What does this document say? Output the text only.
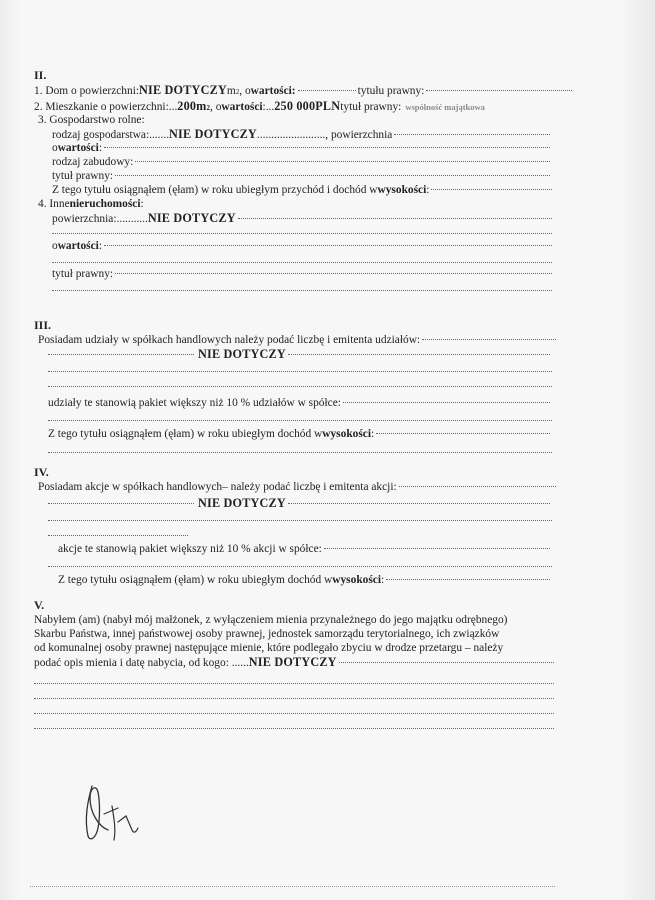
II.
1. Dom o powierzchni: NIE DOTYCZY m 2 , o wartości:	tytułu prawny:
2. Mieszkanie o powierzchni:... 200m 2 , o wartości :... 250 000PLN tytuł prawny: wspólność majątkowa
3. Gospodarstwo rolne:
rodzaj gospodarstwa:....... NIE DOTYCZY ........................, powierzchnia
o wartości :
rodzaj zabudowy:
tytuł prawny:
Z tego tytułu osiągnąłem (ęłam) w roku ubiegłym przychód i dochód w wysokości :
4. Inne nieruchomości :
powierzchnia:........... NIE DOTYCZY
o wartości :
tytuł prawny:
III.
Posiadam udziały w spółkach handlowych należy podać liczbę i emitenta udziałów:
NIE DOTYCZY
udziały te stanowią pakiet większy niż 10 % udziałów w spółce:
Z tego tytułu osiągnąłem (ęłam) w roku ubiegłym dochód w wysokości :
IV.
Posiadam akcje w spółkach handlowych– należy podać liczbę i emitenta akcji:
NIE DOTYCZY
akcje te stanowią pakiet większy niż 10 % akcji w spółce:
Z tego tytułu osiągnąłem (ęłam) w roku ubiegłym dochód w wysokości :
V.
Nabyłem (am) (nabył mój małżonek, z wyłączeniem mienia przynależnego do jego majątku odrębnego)
Skarbu Państwa, innej państwowej osoby prawnej, jednostek samorządu terytorialnego, ich związków
od komunalnej osoby prawnej następujące mienie, które podlegało zbyciu w drodze przetargu – należy
podać opis mienia i datę nabycia, od kogo: ...... NIE DOTYCZY
